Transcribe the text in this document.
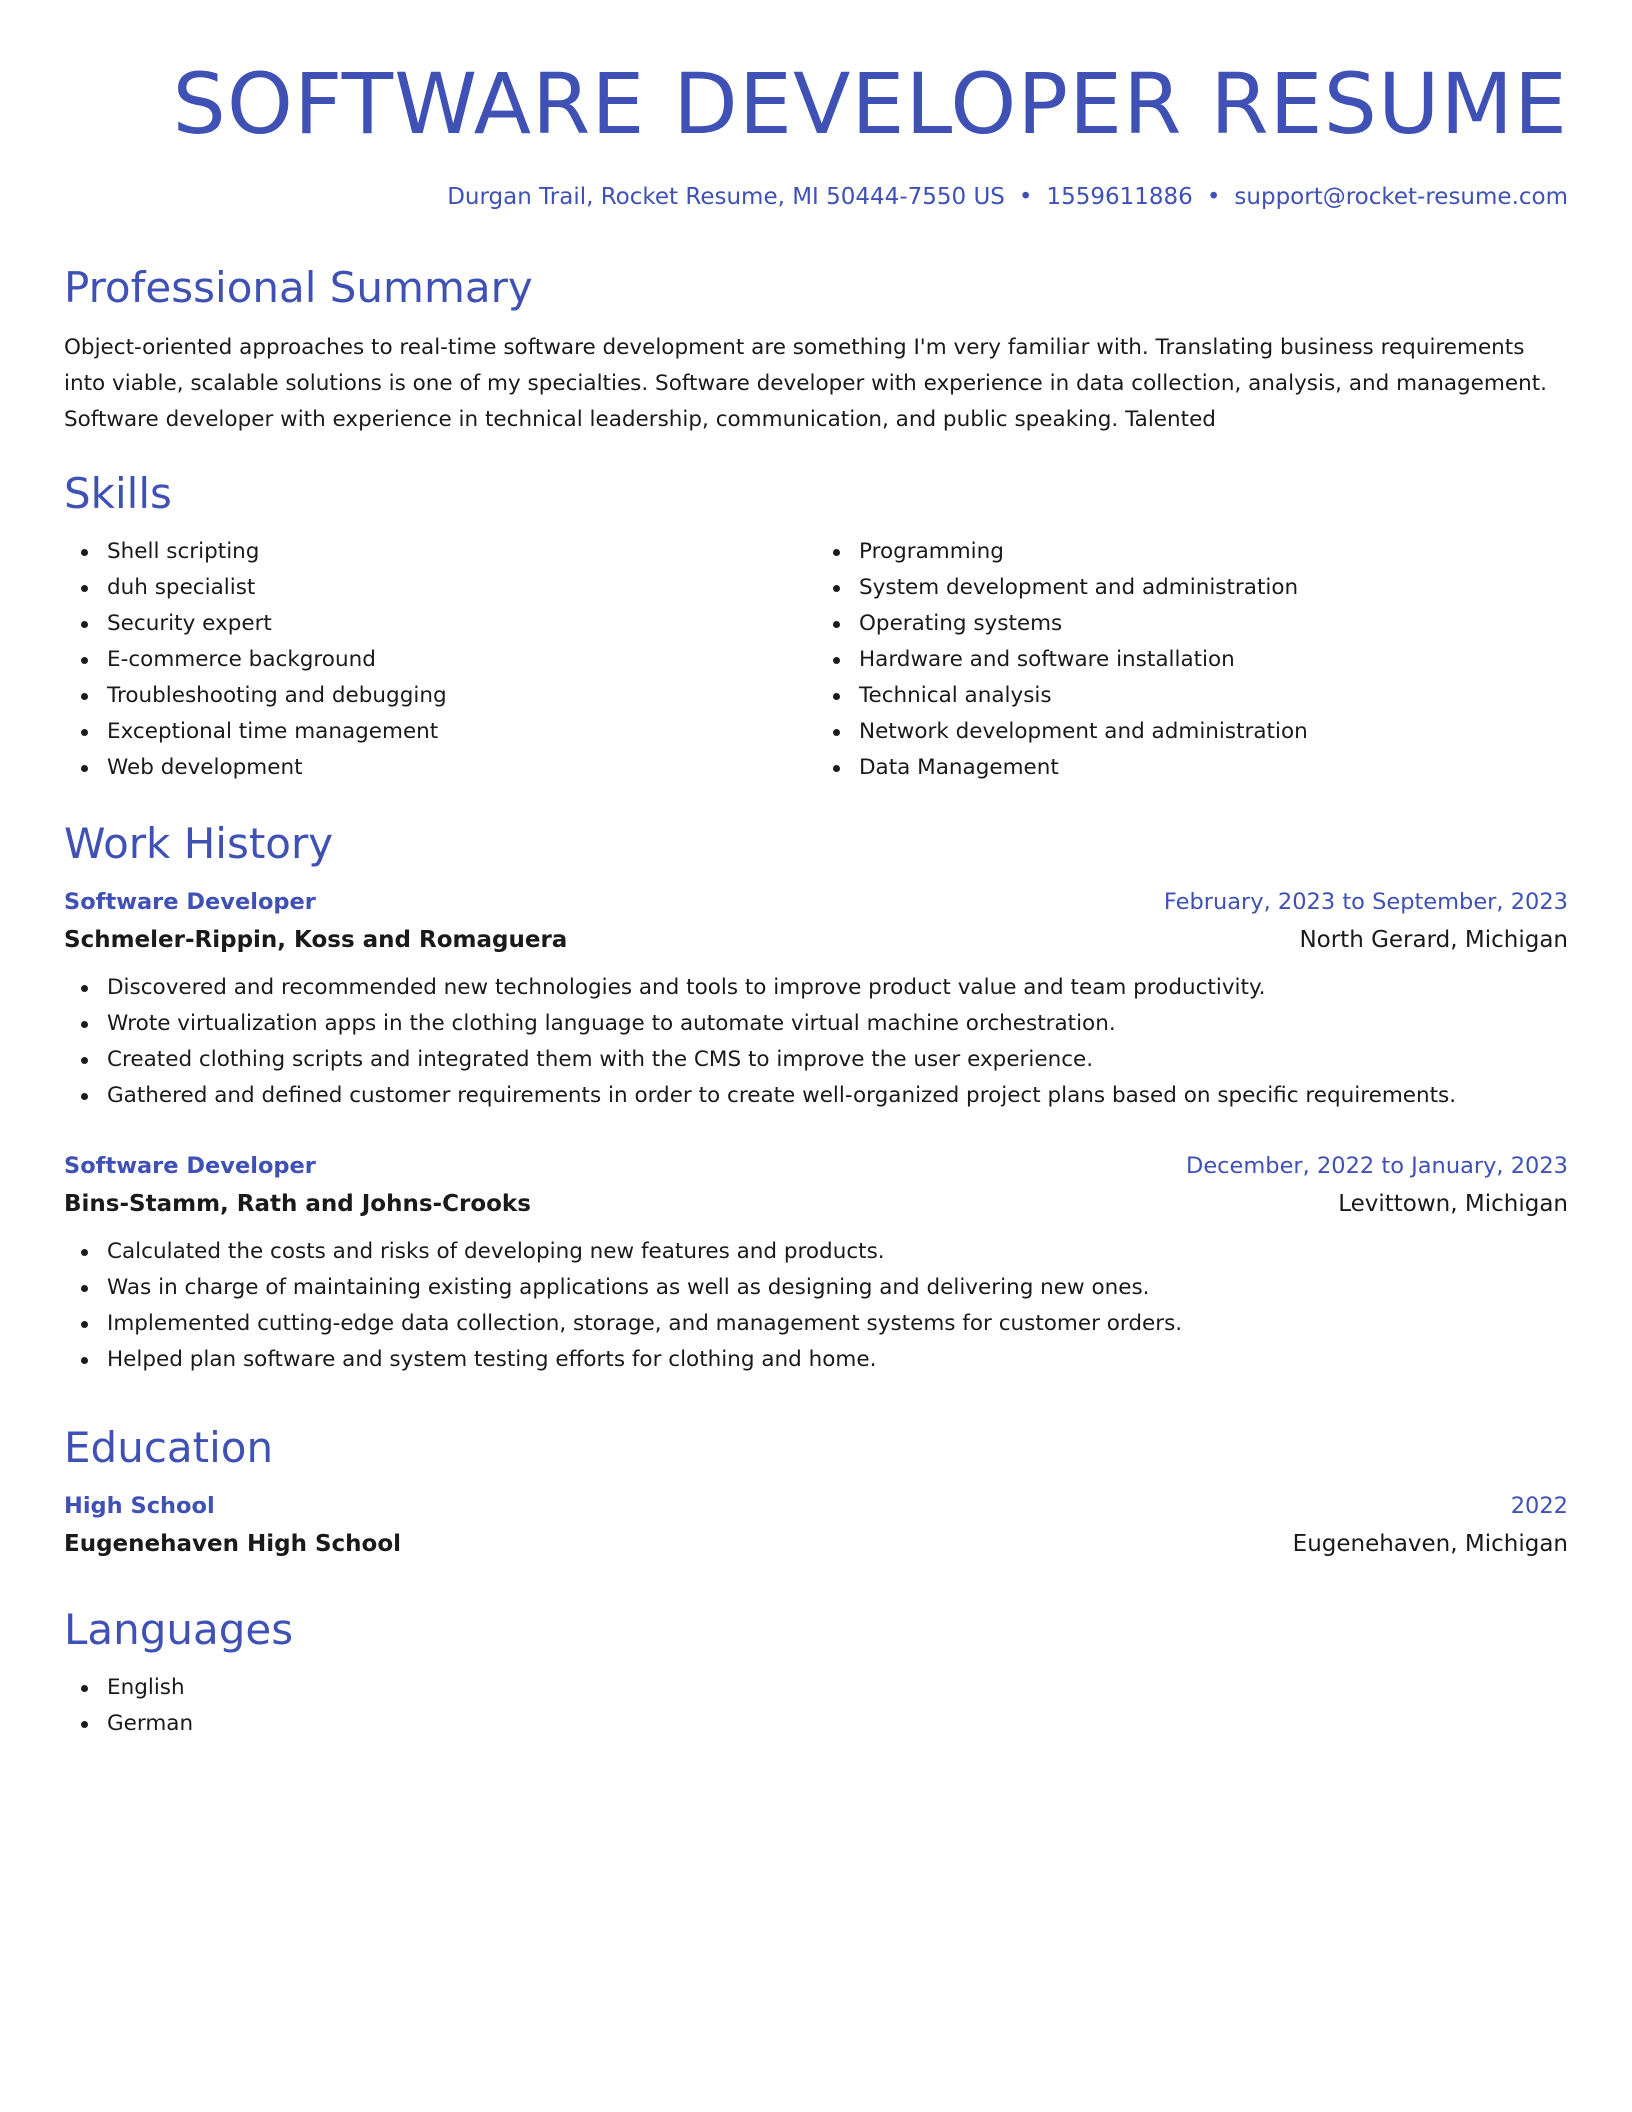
SOFTWARE DEVELOPER RESUME
Durgan Trail, Rocket Resume, MI 50444-7550 US • 1559611886 • support@rocket-resume.com
Professional Summary

Object-oriented approaches to real-time software development are something I'm very familiar with. Translating business requirements into viable, scalable solutions is one of my specialties. Software developer with experience in data collection, analysis, and management. Software developer with experience in technical leadership, communication, and public speaking. Talented

Skills
Shell scripting
duh specialist
Security expert
E-commerce background
Troubleshooting and debugging
Exceptional time management
Web development
Programming
System development and administration
Operating systems
Hardware and software installation
Technical analysis
Network development and administration
Data Management
Work History
Software Developer	February, 2023 to September, 2023
Schmeler-Rippin, Koss and Romaguera	North Gerard, Michigan
Discovered and recommended new technologies and tools to improve product value and team productivity.
Wrote virtualization apps in the clothing language to automate virtual machine orchestration.
Created clothing scripts and integrated them with the CMS to improve the user experience.
Gathered and defined customer requirements in order to create well-organized project plans based on specific requirements.
Software Developer	December, 2022 to January, 2023
Bins-Stamm, Rath and Johns-Crooks	Levittown, Michigan
Calculated the costs and risks of developing new features and products.
Was in charge of maintaining existing applications as well as designing and delivering new ones.
Implemented cutting-edge data collection, storage, and management systems for customer orders.
Helped plan software and system testing efforts for clothing and home.
Education
High School	2022
Eugenehaven High School	Eugenehaven, Michigan
Languages
English
German
